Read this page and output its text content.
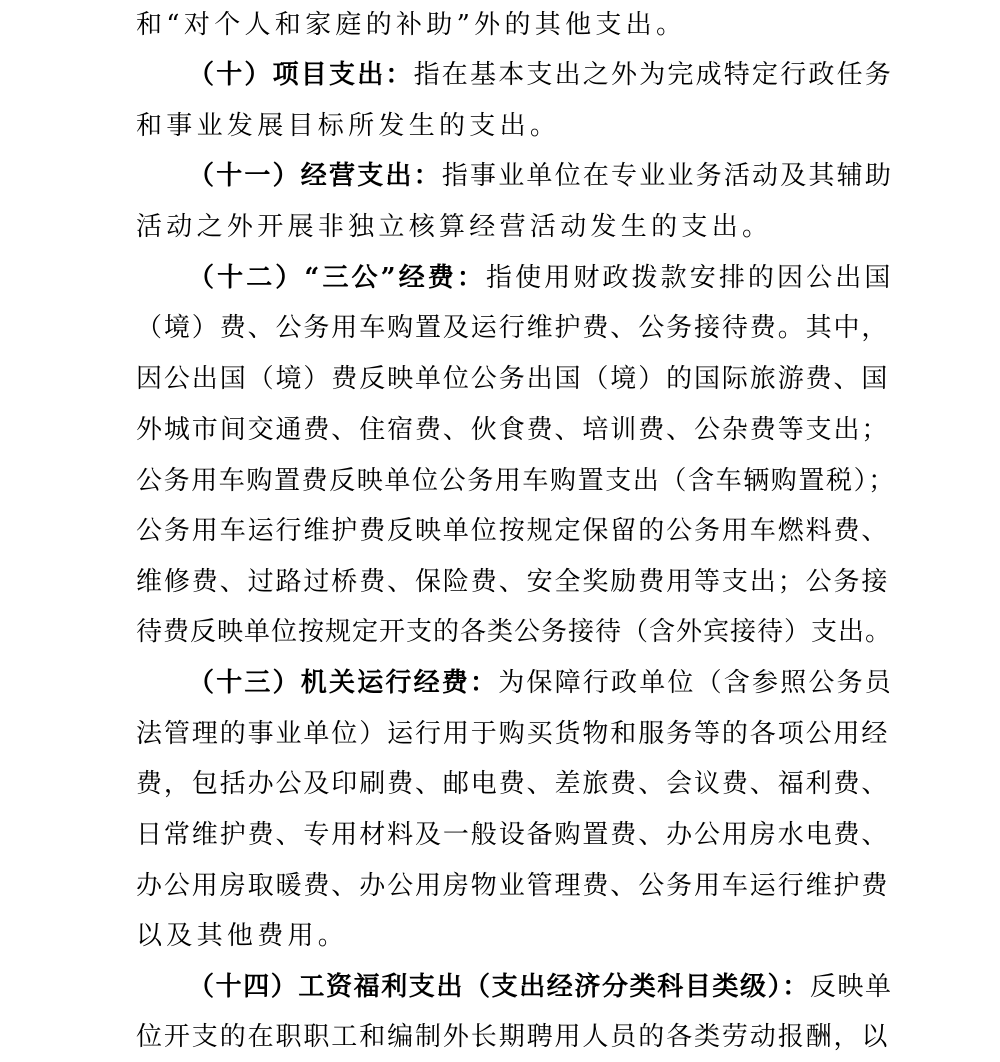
和“对个人和家庭的补助”外的其他支出。
（十）项目支出：指在基本支出之外为完成特定行政任务
和事业发展目标所发生的支出。
（十一）经营支出：指事业单位在专业业务活动及其辅助
活动之外开展非独立核算经营活动发生的支出。
（十二）“三公”经费：指使用财政拨款安排的因公出国
（境）费、公务用车购置及运行维护费、公务接待费。其中，
因公出国（境）费反映单位公务出国（境）的国际旅游费、国
外城市间交通费、住宿费、伙食费、培训费、公杂费等支出；
公务用车购置费反映单位公务用车购置支出（含车辆购置税）；
公务用车运行维护费反映单位按规定保留的公务用车燃料费、
维修费、过路过桥费、保险费、安全奖励费用等支出；公务接
待费反映单位按规定开支的各类公务接待（含外宾接待）支出。
（十三）机关运行经费：为保障行政单位（含参照公务员
法管理的事业单位）运行用于购买货物和服务等的各项公用经
费，包括办公及印刷费、邮电费、差旅费、会议费、福利费、
日常维护费、专用材料及一般设备购置费、办公用房水电费、
办公用房取暖费、办公用房物业管理费、公务用车运行维护费
以及其他费用。
（十四）工资福利支出（支出经济分类科目类级）：反映单
位开支的在职职工和编制外长期聘用人员的各类劳动报酬，以
